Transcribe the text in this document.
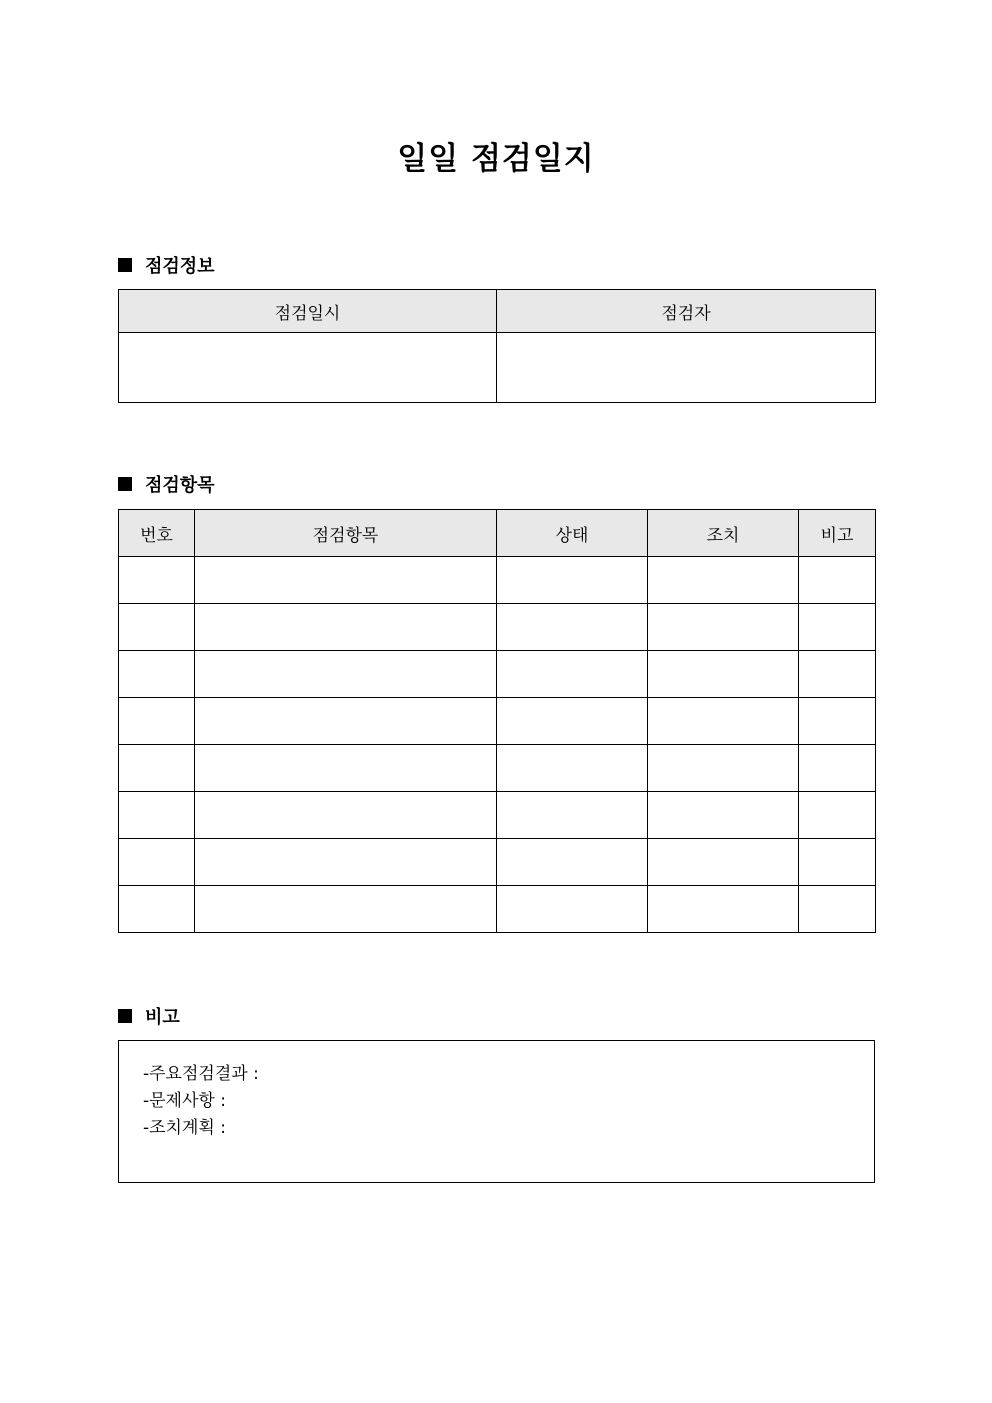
일일 점검일지
점검정보
점검일시	점검자

점검항목
번호	점검항목	상태	조치	비고

비고
-주요점검결과 :
-문제사항 :
-조치계획 :
